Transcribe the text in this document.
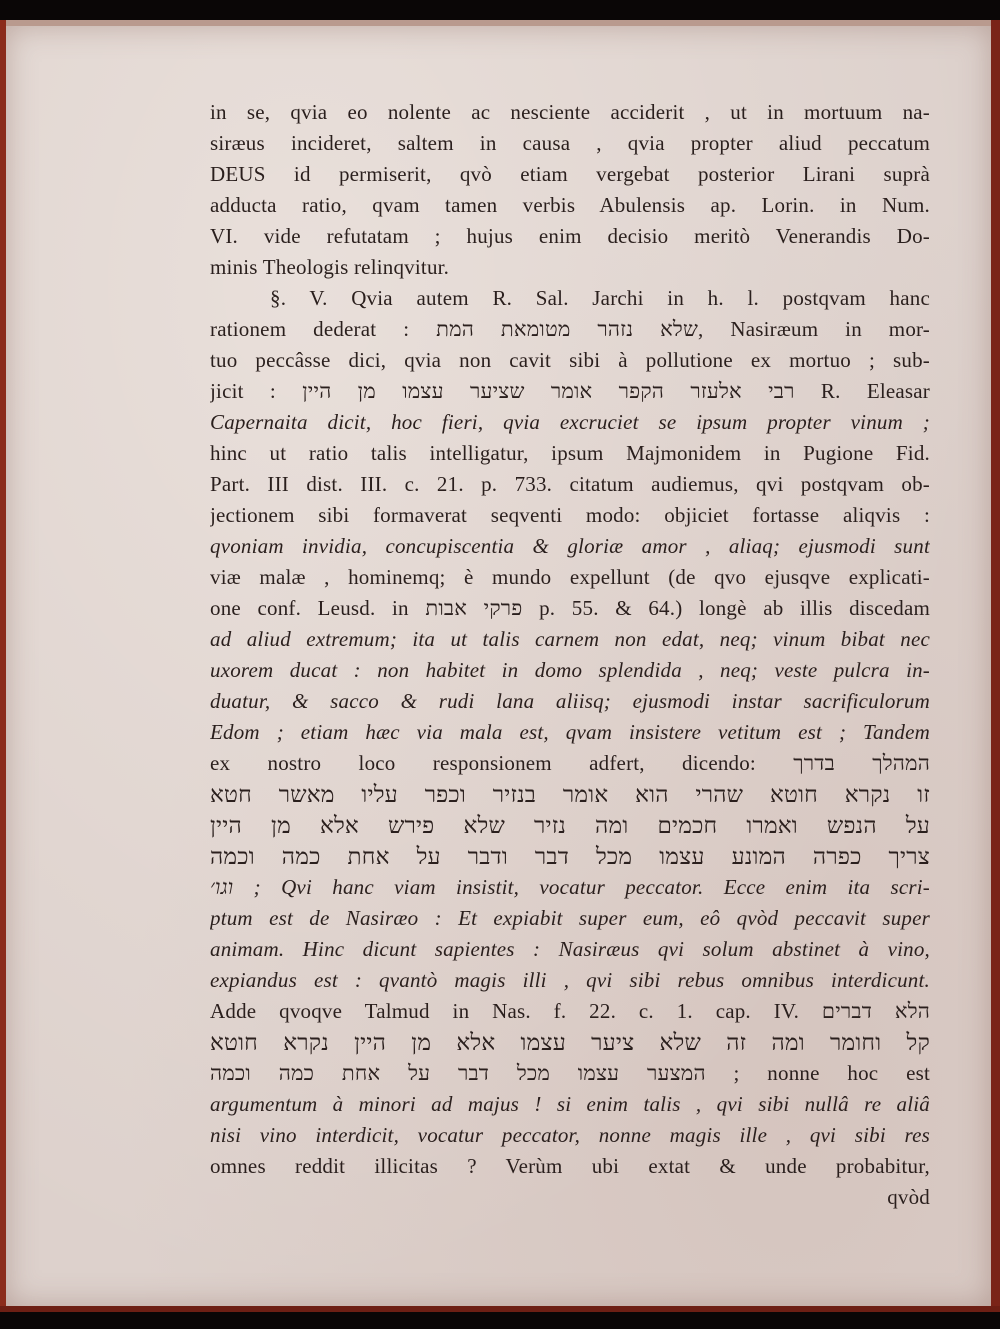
in se, qvia eo nolente ac nesciente acciderit , ut in mortuum na-
siræus incideret, saltem in causa , qvia propter aliud peccatum
DEUS id permiserit, qvò etiam vergebat posterior Lirani suprà
adducta ratio, qvam tamen verbis Abulensis ap. Lorin. in Num.
VI. vide refutatam ; hujus enim decisio meritò Venerandis Do-
minis Theologis relinqvitur.
§. V. Qvia autem R. Sal. Jarchi in h. l. postqvam hanc
rationem dederat : שלא נזהר מטומאת המת, Nasiræum in mor-
tuo peccâsse dici, qvia non cavit sibi à pollutione ex mortuo ; sub-
jicit : רבי אלעזר הקפר אומר שציער עצמו מן היין R. Eleasar
Capernaita dicit, hoc fieri, qvia excruciet se ipsum propter vinum ;
hinc ut ratio talis intelligatur, ipsum Majmonidem in Pugione Fid.
Part. III dist. III. c. 21. p. 733. citatum audiemus, qvi postqvam ob-
jectionem sibi formaverat seqventi modo: objiciet fortasse aliqvis :
qvoniam invidia, concupiscentia & gloriæ amor , aliaq; ejusmodi sunt
viæ malæ , hominemq; è mundo expellunt (de qvo ejusqve explicati-
one conf. Leusd. in פרקי אבות p. 55. & 64.) longè ab illis discedam
ad aliud extremum; ita ut talis carnem non edat, neq; vinum bibat nec
uxorem ducat : non habitet in domo splendida , neq; veste pulcra in-
duatur, & sacco & rudi lana aliisq; ejusmodi instar sacrificulorum
Edom ; etiam hæc via mala est, qvam insistere vetitum est ; Tandem
ex nostro loco responsionem adfert, dicendo: המהלך בדרך
זו נקרא חוטא שהרי הוא אומר בנזיר וכפר עליו מאשר חטא
על הנפש ואמרו חכמים ומה נזיר שלא פירש אלא מן היין
צריך כפרה המונע עצמו מכל דבר ודבר על אחת כמה וכמה
וגו׳ ; Qvi hanc viam insistit, vocatur peccator. Ecce enim ita scri-
ptum est de Nasiræo : Et expiabit super eum, eô qvòd peccavit super
animam. Hinc dicunt sapientes : Nasiræus qvi solum abstinet à vino,
expiandus est : qvantò magis illi , qvi sibi rebus omnibus interdicunt.
Adde qvoqve Talmud in Nas. f. 22. c. 1. cap. IV. הלא דברים
קל וחומר ומה זה שלא ציער עצמו אלא מן היין נקרא חוטא
המצער עצמו מכל דבר על אחת כמה וכמה ; nonne hoc est
argumentum à minori ad majus ! si enim talis , qvi sibi nullâ re aliâ
nisi vino interdicit, vocatur peccator, nonne magis ille , qvi sibi res
omnes reddit illicitas ? Verùm ubi extat & unde probabitur,
qvòd
